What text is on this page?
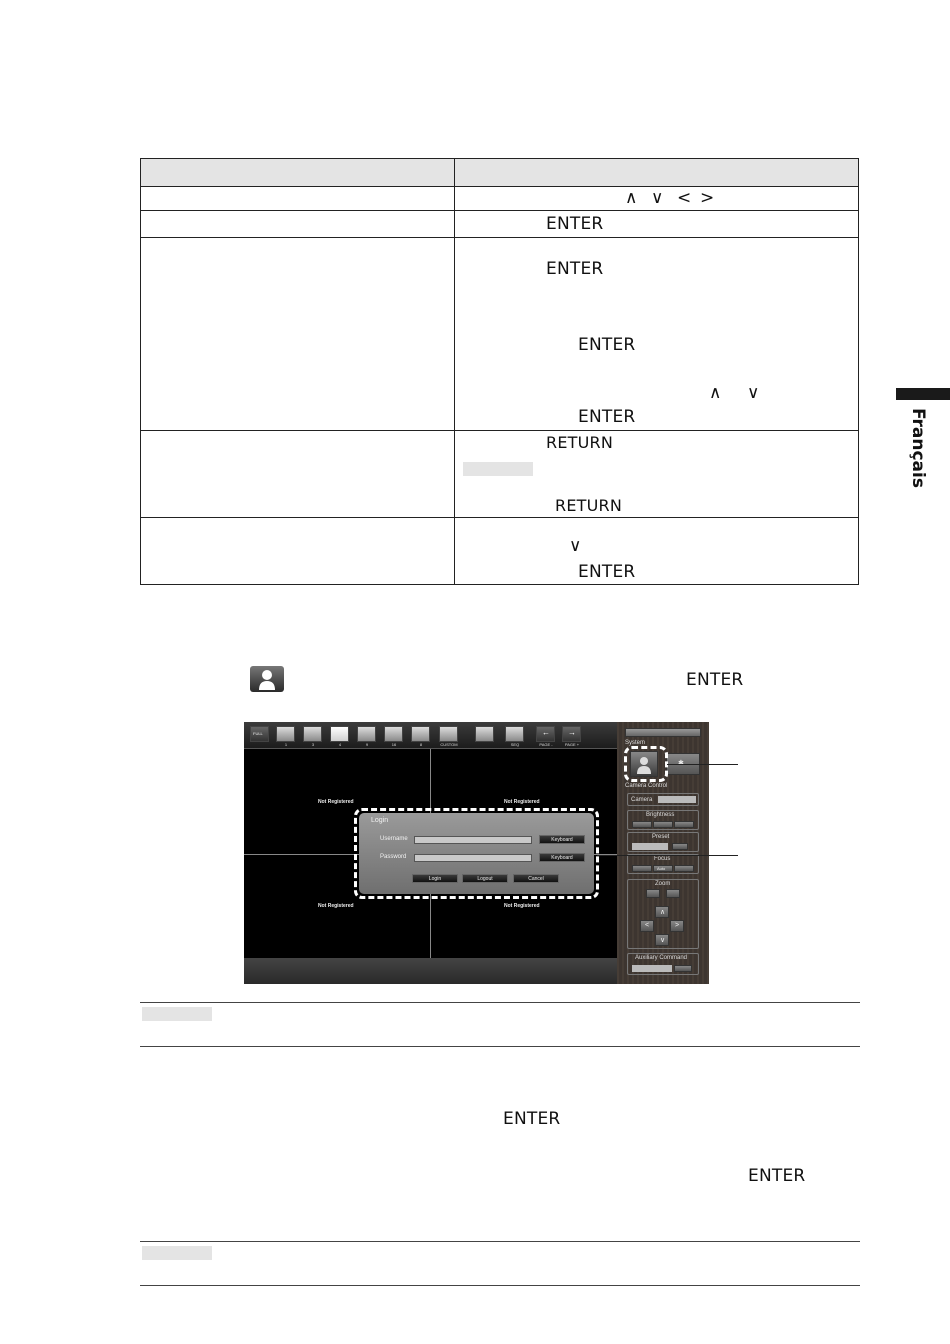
Français

	∧ ∨ < >

	ENTER

	ENTER
ENTER
∧ ∨
ENTER

	RETURN
RETURN

	∨
ENTER
ENTER
FULL
1	3	4	9	16	8	CUSTOM	SEQ
←
PAGE -
→
PAGE +
Not Registered	Not Registered
Not Registered	Not Registered
System
Camera Control
Camera
Brightness
Preset
Focus
Auto
Zoom
∧
<	>
∨
Auxiliary Command
Login
Username	Keyboard
Password	Keyboard
Login	Logout	Cancel
ENTER
ENTER
